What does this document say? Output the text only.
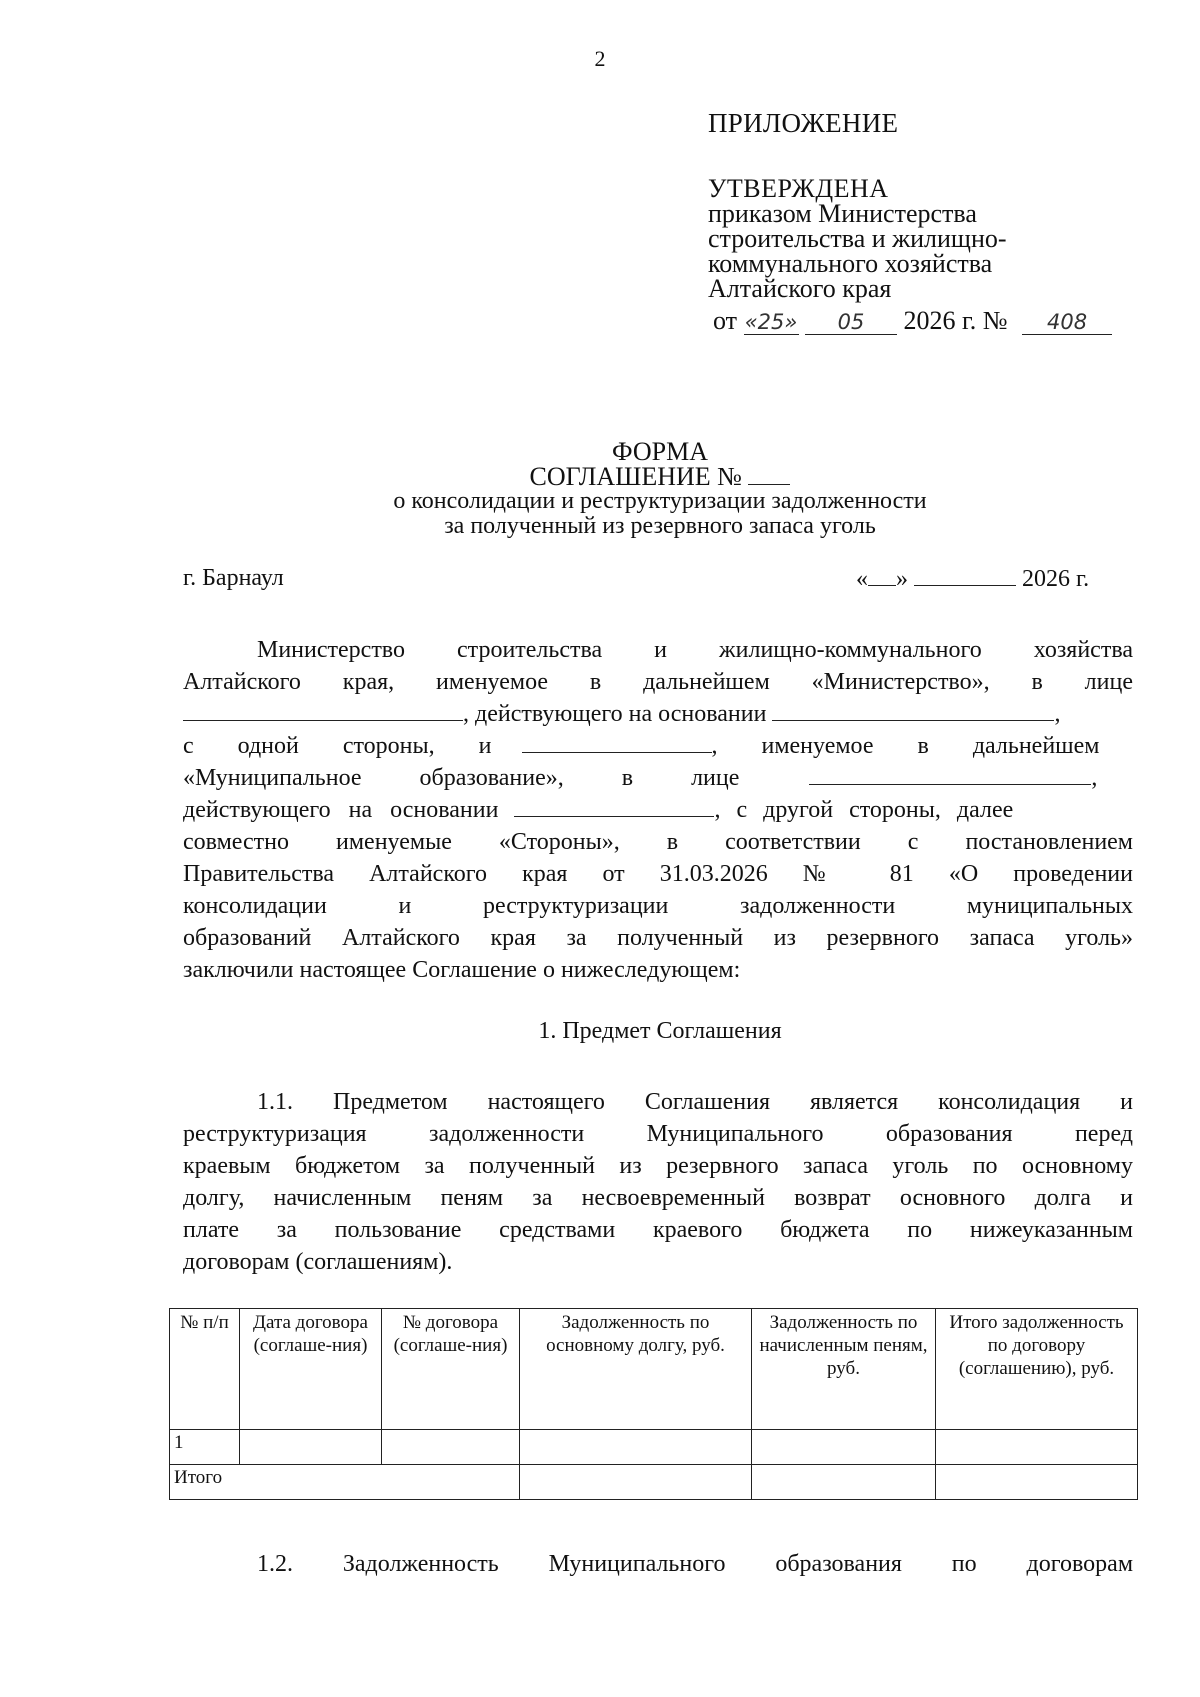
2
ПРИЛОЖЕНИЕ
УТВЕРЖДЕНА
приказом Министерства
строительства и жилищно-
коммунального хозяйства
Алтайского края
от «25» 05 2026 г. № 408
ФОРМА
СОГЛАШЕНИЕ №
о консолидации и реструктуризации задолженности
за полученный из резервного запаса уголь
г. Барнаул	« »	2026 г.
Министерство строительства и жилищно-коммунального хозяйства
Алтайского края, именуемое в дальнейшем «Министерство», в лице
, действующего на основании	,
с одной стороны, и	, именуемое в дальнейшем
«Муниципальное образование», в лице	,
действующего на основании	, с другой стороны, далее
совместно именуемые «Стороны», в соответствии с постановлением
Правительства Алтайского края от 31.03.2026 № 81 «О проведении
консолидации и реструктуризации задолженности муниципальных
образований Алтайского края за полученный из резервного запаса уголь»
заключили настоящее Соглашение о нижеследующем:
1. Предмет Соглашения
1.1. Предметом настоящего Соглашения является консолидация и
реструктуризация задолженности Муниципального образования перед
краевым бюджетом за полученный из резервного запаса уголь по основному
долгу, начисленным пеням за несвоевременный возврат основного долга и
плате за пользование средствами краевого бюджета по нижеуказанным
договорам (соглашениям).
№ п/п	Дата договора (соглаше-ния)	№ договора (соглаше-ния)	Задолженность по основному долгу, руб.	Задолженность по начисленным пеням, руб.	Итого задолженность по договору (соглашению), руб.
1					
Итого					
1.2. Задолженность Муниципального образования по договорам
